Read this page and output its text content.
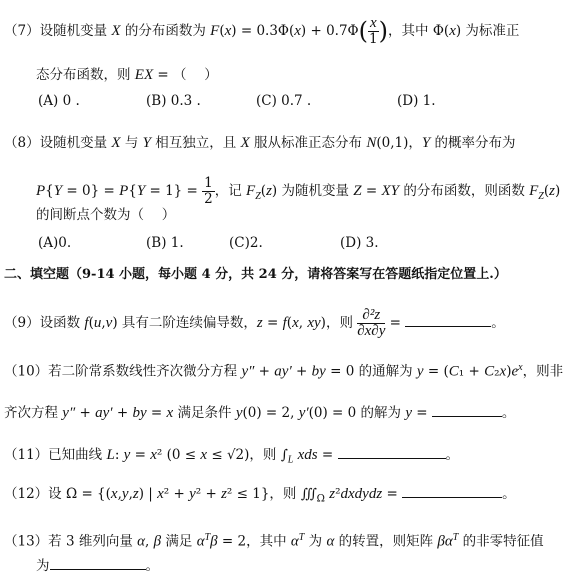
（7）设随机变量 X 的分布函数为 $F(x) = 0.3\Phi(x) + 0.7\Phi( \frac{x}{1}$ )，其中 Φ(x) 为标准正
态分布函数，则 EX = （　 ）
(A) 0 .	(B) 0.3 .	(C) 0.7 .	(D) 1.
（8）设随机变量 X 与 Y 相互独立，且 X 服从标准正态分布 N(0,1)，Y 的概率分布为
$P\{Y = 0\} = P\{Y = 1\} = \frac{1}{2}$ ，记 $F_Z(z)$ 为随机变量 Z = XY 的分布函数，则函数 $F_Z(z)$
的间断点个数为（　 ）
(A)0.	(B) 1.	(C)2.	(D) 3.
二、填空题（9-14 小题，每小题 4 分，共 24 分，请将答案写在答题纸指定位置上.）
（9）设函数 f(u,v) 具有二阶连续偏导数，z = f(x, xy)，则 $\frac{\text{∂²z}}{\partial x\partial y}$ =	。
（10）若二阶常系数线性齐次微分方程 y″ + ay′ + by = 0 的通解为 $y = (C_1 + C_2x)e^x$，则非
齐次方程 y″ + ay′ + by = x 满足条件 y(0) = 2, y′(0) = 0 的解为 y =	。
（11）已知曲线 L: y = x² (0 ≤ x ≤ √2)，则 $\int_L$ xds =	。
（12）设 Ω = {(x,y,z) | x² + y² + z² ≤ 1}，则 $∭_\Omega$ z²dxdydz =	。
（13）若 3 维列向量 α, β 满足 $\alpha^T\beta = 2$，其中 $\alpha^T$ 为 α 的转置，则矩阵 $\beta\alpha^T$ 的非零特征值
为	。
